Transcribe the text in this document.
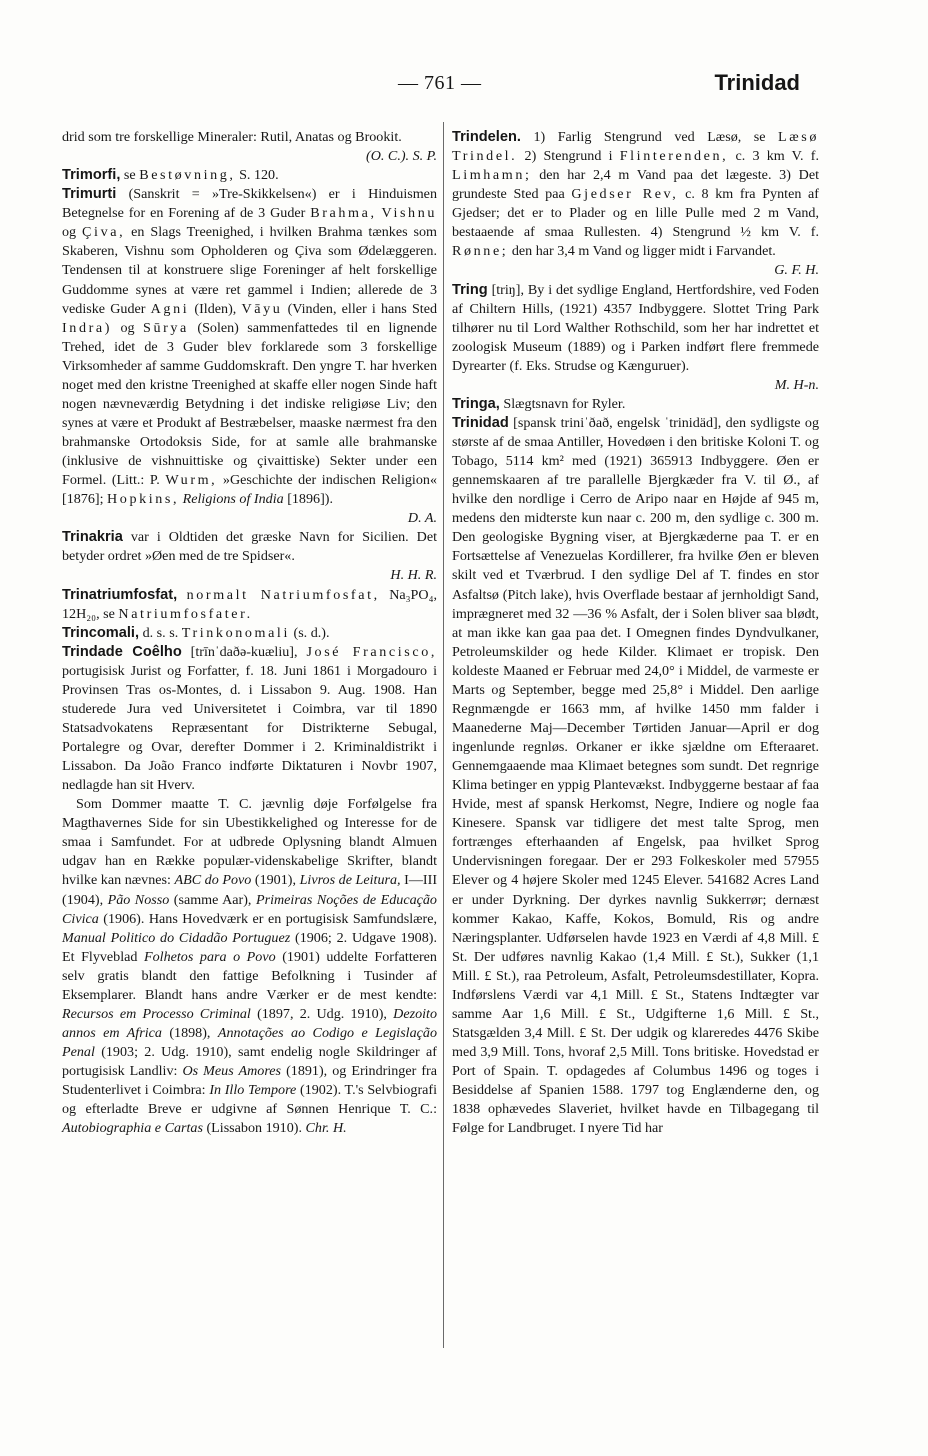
— 761 —	Trinidad

drid som tre forskellige Mineraler: Rutil, Anatas og Brookit.

(O. C.). S. P.

Trimorfi, se Bestøvning, S. 120.

Trimurti (Sanskrit = »Tre-Skikkelsen«) er i Hinduismen Betegnelse for en Forening af de 3 Guder Brahma, Vishnu og Çiva, en Slags Treenighed, i hvilken Brahma tænkes som Skaberen, Vishnu som Opholderen og Çiva som Ødelæggeren. Tendensen til at konstruere slige Foreninger af helt forskellige Guddomme synes at være ret gammel i Indien; allerede de 3 vediske Guder Agni (Ilden), Vāyu (Vinden, eller i hans Sted Indra) og Sūrya (Solen) sammenfattedes til en lignende Trehed, idet de 3 Guder blev forklarede som 3 forskellige Virksomheder af samme Guddomskraft. Den yngre T. har hverken noget med den kristne Treenighed at skaffe eller nogen Sinde haft nogen nævneværdig Betydning i det indiske religiøse Liv; den synes at være et Produkt af Bestræbelser, maaske nærmest fra den brahmanske Ortodoksis Side, for at samle alle brahmanske (inklusive de vishnuittiske og çivaittiske) Sekter under een Formel. (Litt.: P. Wurm, »Geschichte der indischen Religion« [1876]; Hopkins, Religions of India [1896]).

D. A.

Trinakria var i Oldtiden det græske Navn for Sicilien. Det betyder ordret »Øen med de tre Spidser«.

H. H. R.

Trinatriumfosfat, normalt Natriumfosfat, Na₃PO₄, 12H₂₀, se Natriumfosfater.

Trincomali, d. s. s. Trinkonomali (s. d.).

Trindade Coêlho [trīnˈdaðə-kuæliu], José Francisco, portugisisk Jurist og Forfatter, f. 18. Juni 1861 i Morgadouro i Provinsen Tras os-Montes, d. i Lissabon 9. Aug. 1908. Han studerede Jura ved Universitetet i Coimbra, var til 1890 Statsadvokatens Repræsentant for Distrikterne Sebugal, Portalegre og Ovar, derefter Dommer i 2. Kriminaldistrikt i Lissabon. Da João Franco indførte Diktaturen i Novbr 1907, nedlagde han sit Hverv.

Som Dommer maatte T. C. jævnlig døje Forfølgelse fra Magthavernes Side for sin Ubestikkelighed og Interesse for de smaa i Samfundet. For at udbrede Oplysning blandt Almuen udgav han en Række populær-videnskabelige Skrifter, blandt hvilke kan nævnes: ABC do Povo (1901), Livros de Leitura, I—III (1904), Pão Nosso (samme Aar), Primeiras Noções de Educação Civica (1906). Hans Hovedværk er en portugisisk Samfundslære, Manual Politico do Cidadão Portuguez (1906; 2. Udgave 1908). Et Flyveblad Folhetos para o Povo (1901) uddelte Forfatteren selv gratis blandt den fattige Befolkning i Tusinder af Eksemplarer. Blandt hans andre Værker er de mest kendte: Recursos em Processo Criminal (1897, 2. Udg. 1910), Dezoito annos em Africa (1898), Annotações ao Codigo e Legislação Penal (1903; 2. Udg. 1910), samt endelig nogle Skildringer af portugisisk Landliv: Os Meus Amores (1891), og Erindringer fra Studenterlivet i Coimbra: In Illo Tempore (1902). T.'s Selvbiografi og efterladte Breve er udgivne af Sønnen Henrique T. C.: Autobiographia e Cartas (Lissabon 1910). Chr. H.

Trindelen. 1) Farlig Stengrund ved Læsø, se Læsø Trindel. 2) Stengrund i Flinterenden, c. 3 km V. f. Limhamn; den har 2,4 m Vand paa det lægeste. 3) Det grundeste Sted paa Gjedser Rev, c. 8 km fra Pynten af Gjedser; det er to Plader og en lille Pulle med 2 m Vand, bestaaende af smaa Rullesten. 4) Stengrund ½ km V. f. Rønne; den har 3,4 m Vand og ligger midt i Farvandet.

G. F. H.

Tring [triŋ], By i det sydlige England, Hertfordshire, ved Foden af Chiltern Hills, (1921) 4357 Indbyggere. Slottet Tring Park tilhører nu til Lord Walther Rothschild, som her har indrettet et zoologisk Museum (1889) og i Parken indført flere fremmede Dyrearter (f. Eks. Strudse og Kænguruer).

M. H-n.

Tringa, Slægtsnavn for Ryler.

Trinidad [spansk triniˈðað, engelsk ˈtrinidäd], den sydligste og største af de smaa Antiller, Hovedøen i den britiske Koloni T. og Tobago, 5114 km² med (1921) 365913 Indbyggere. Øen er gennemskaaren af tre parallelle Bjergkæder fra V. til Ø., af hvilke den nordlige i Cerro de Aripo naar en Højde af 945 m, medens den midterste kun naar c. 200 m, den sydlige c. 300 m. Den geologiske Bygning viser, at Bjergkæderne paa T. er en Fortsættelse af Venezuelas Kordillerer, fra hvilke Øen er bleven skilt ved et Tværbrud. I den sydlige Del af T. findes en stor Asfaltsø (Pitch lake), hvis Overflade bestaar af jernholdigt Sand, imprægneret med 32 —36 % Asfalt, der i Solen bliver saa blødt, at man ikke kan gaa paa det. I Omegnen findes Dyndvulkaner, Petroleumskilder og hede Kilder. Klimaet er tropisk. Den koldeste Maaned er Februar med 24,0° i Middel, de varmeste er Marts og September, begge med 25,8° i Middel. Den aarlige Regnmængde er 1663 mm, af hvilke 1450 mm falder i Maanederne Maj—December Tørtiden Januar—April er dog ingenlunde regnløs. Orkaner er ikke sjældne om Efteraaret. Gennemgaaende maa Klimaet betegnes som sundt. Det regnrige Klima betinger en yppig Plantevækst. Indbyggerne bestaar af faa Hvide, mest af spansk Herkomst, Negre, Indiere og nogle faa Kinesere. Spansk var tidligere det mest talte Sprog, men fortrænges efterhaanden af Engelsk, paa hvilket Sprog Undervisningen foregaar. Der er 293 Folkeskoler med 57955 Elever og 4 højere Skoler med 1245 Elever. 541682 Acres Land er under Dyrkning. Der dyrkes navnlig Sukkerrør; dernæst kommer Kakao, Kaffe, Kokos, Bomuld, Ris og andre Næringsplanter. Udførselen havde 1923 en Værdi af 4,8 Mill. £ St. Der udføres navnlig Kakao (1,4 Mill. £ St.), Sukker (1,1 Mill. £ St.), raa Petroleum, Asfalt, Petroleumsdestillater, Kopra. Indførslens Værdi var 4,1 Mill. £ St., Statens Indtægter var samme Aar 1,6 Mill. £ St., Udgifterne 1,6 Mill. £ St., Statsgælden 3,4 Mill. £ St. Der udgik og klareredes 4476 Skibe med 3,9 Mill. Tons, hvoraf 2,5 Mill. Tons britiske. Hovedstad er Port of Spain. T. opdagedes af Columbus 1496 og toges i Besiddelse af Spanien 1588. 1797 tog Englænderne den, og 1838 ophævedes Slaveriet, hvilket havde en Tilbagegang til Følge for Landbruget. I nyere Tid har
